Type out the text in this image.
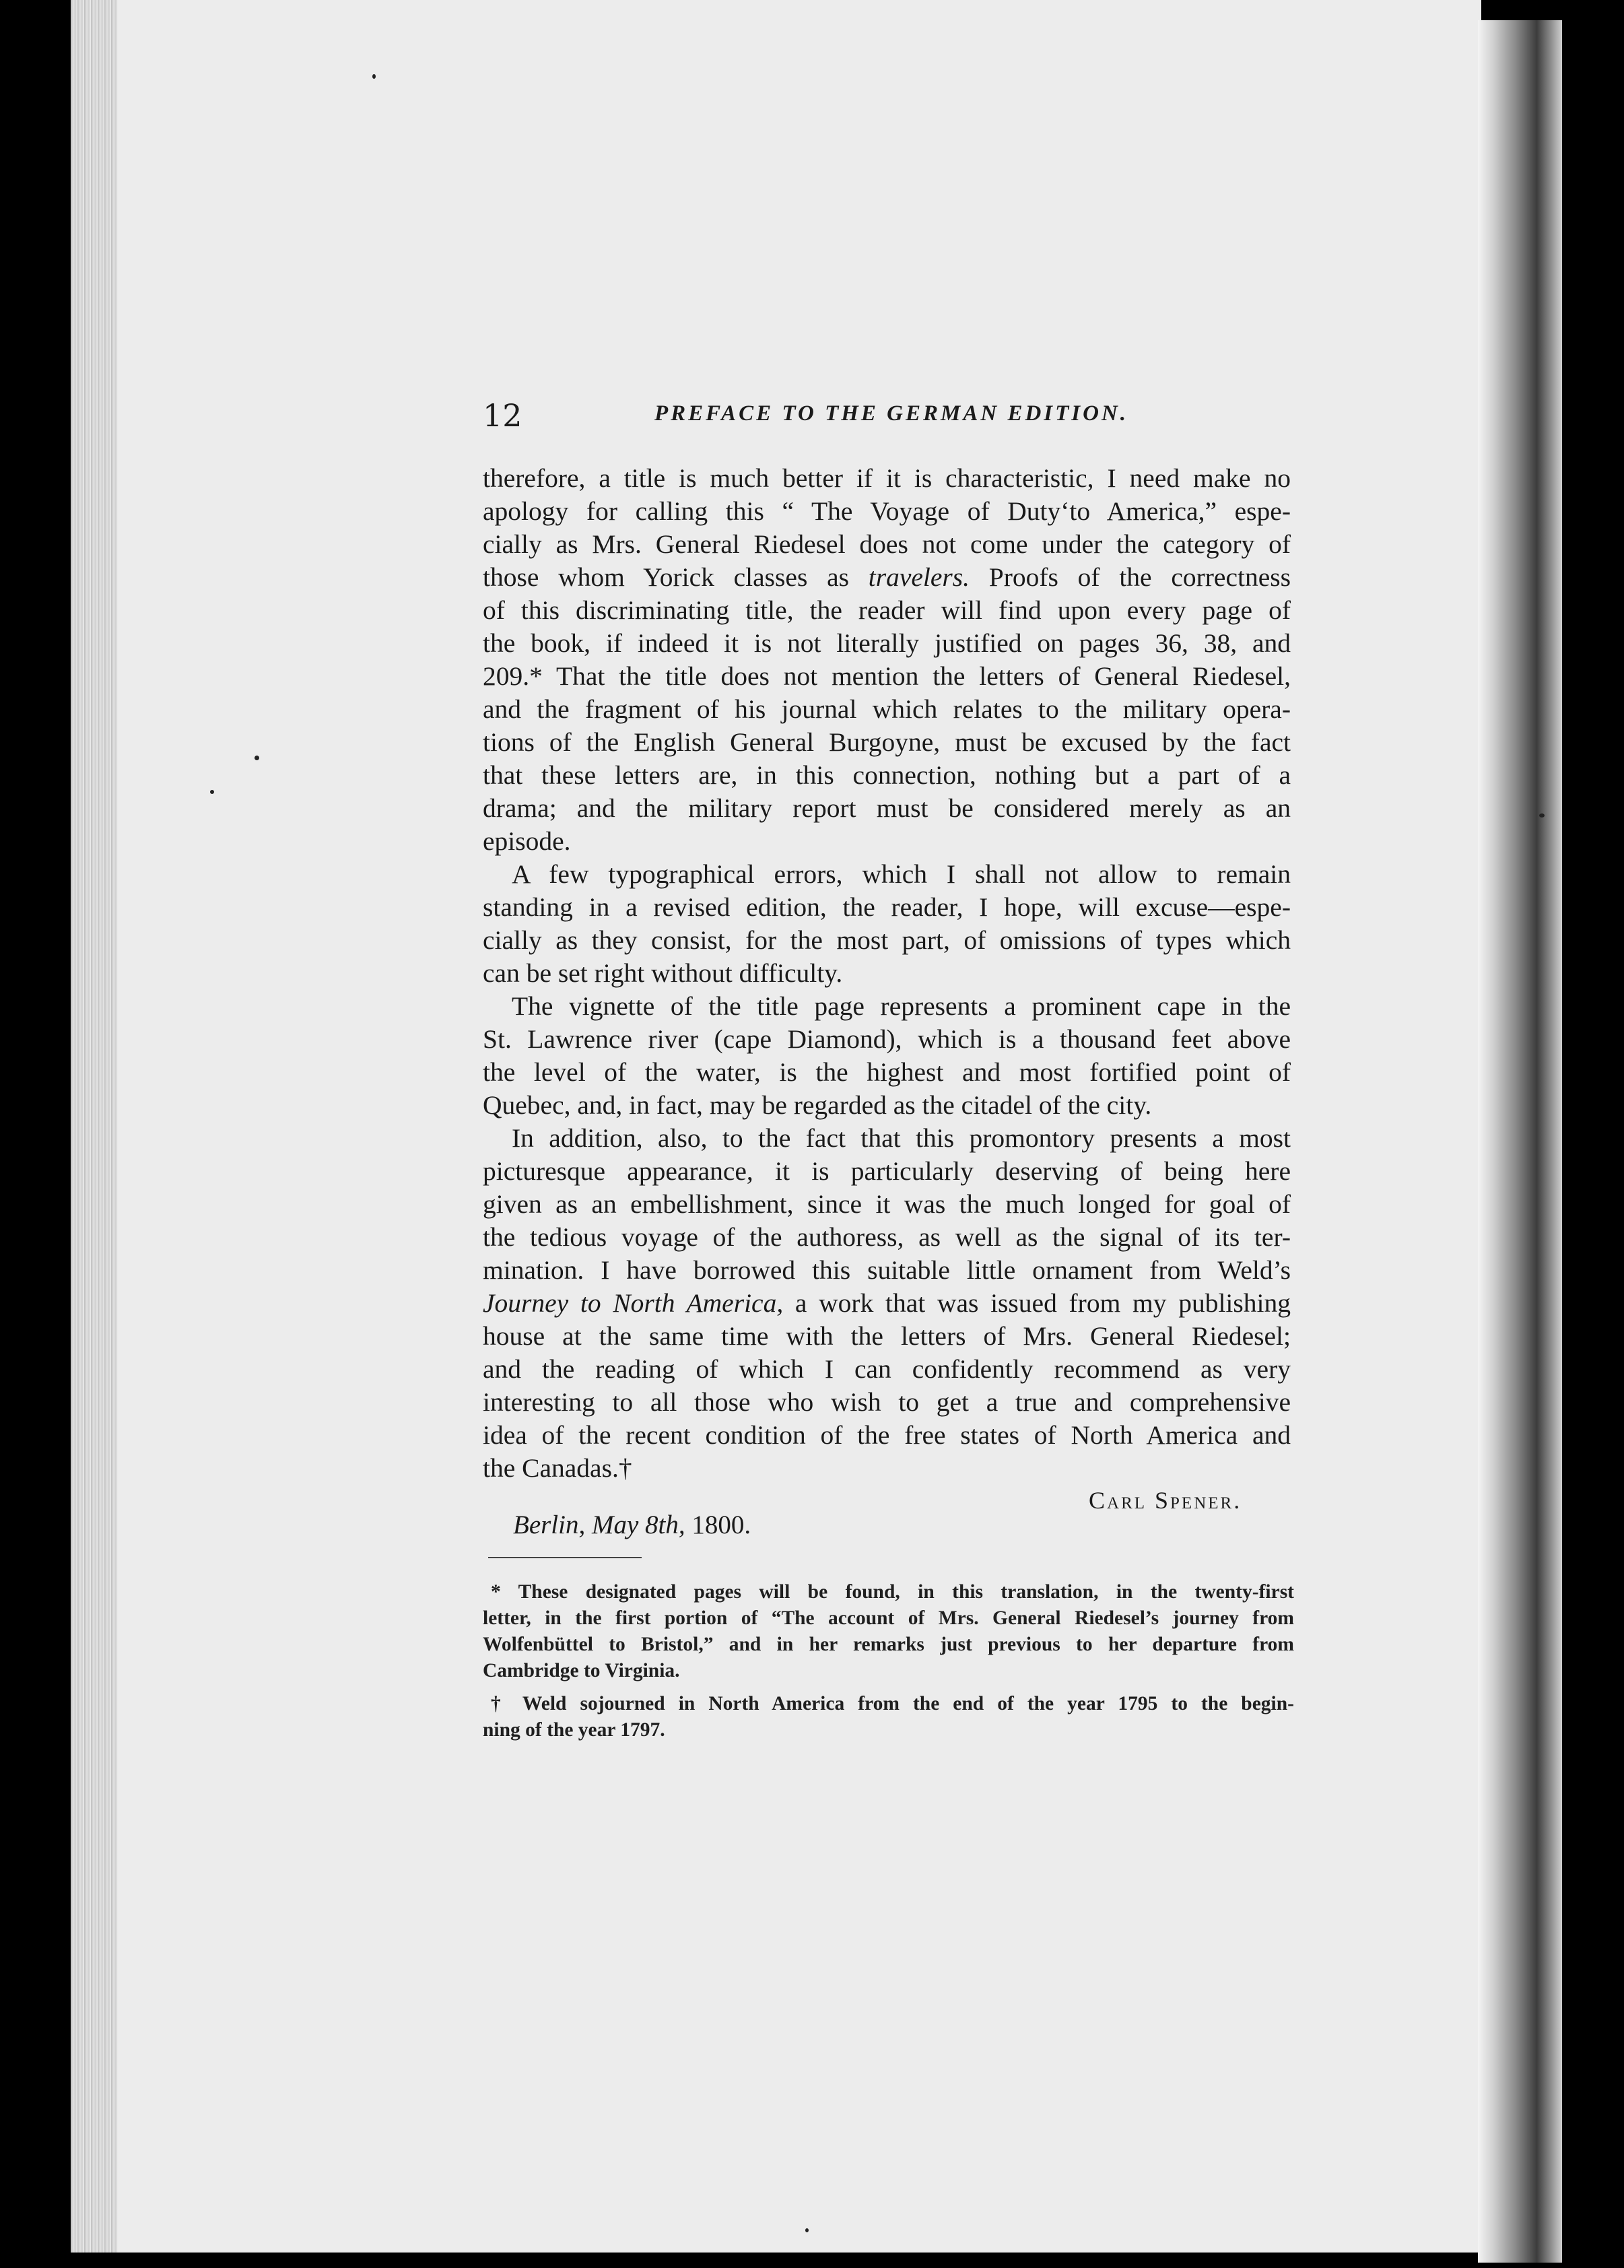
12	PREFACE TO THE GERMAN EDITION.

therefore, a title is much better if it is characteristic, I need make no
apology for calling this “ The Voyage of Duty‘to America,” espe-
cially as Mrs. General Riedesel does not come under the category of
those whom Yorick classes as travelers. Proofs of the correctness
of this discriminating title, the reader will find upon every page of
the book, if indeed it is not literally justified on pages 36, 38, and
209.* That the title does not mention the letters of General Riedesel,
and the fragment of his journal which relates to the military opera-
tions of the English General Burgoyne, must be excused by the fact
that these letters are, in this connection, nothing but a part of a
drama; and the military report must be considered merely as an
episode.

A few typographical errors, which I shall not allow to remain
standing in a revised edition, the reader, I hope, will excuse—espe-
cially as they consist, for the most part, of omissions of types which
can be set right without difficulty.

The vignette of the title page represents a prominent cape in the
St. Lawrence river (cape Diamond), which is a thousand feet above
the level of the water, is the highest and most fortified point of
Quebec, and, in fact, may be regarded as the citadel of the city.

In addition, also, to the fact that this promontory presents a most
picturesque appearance, it is particularly deserving of being here
given as an embellishment, since it was the much longed for goal of
the tedious voyage of the authoress, as well as the signal of its ter-
mination. I have borrowed this suitable little ornament from Weld’s
Journey to North America, a work that was issued from my publishing
house at the same time with the letters of Mrs. General Riedesel;
and the reading of which I can confidently recommend as very
interesting to all those who wish to get a true and comprehensive
idea of the recent condition of the free states of North America and
the Canadas.†

Carl Spener.
Berlin, May 8th, 1800.

* These designated pages will be found, in this translation, in the twenty-first
letter, in the first portion of “The account of Mrs. General Riedesel’s journey from
Wolfenbüttel to Bristol,” and in her remarks just previous to her departure from
Cambridge to Virginia.

† Weld sojourned in North America from the end of the year 1795 to the begin-
ning of the year 1797.
